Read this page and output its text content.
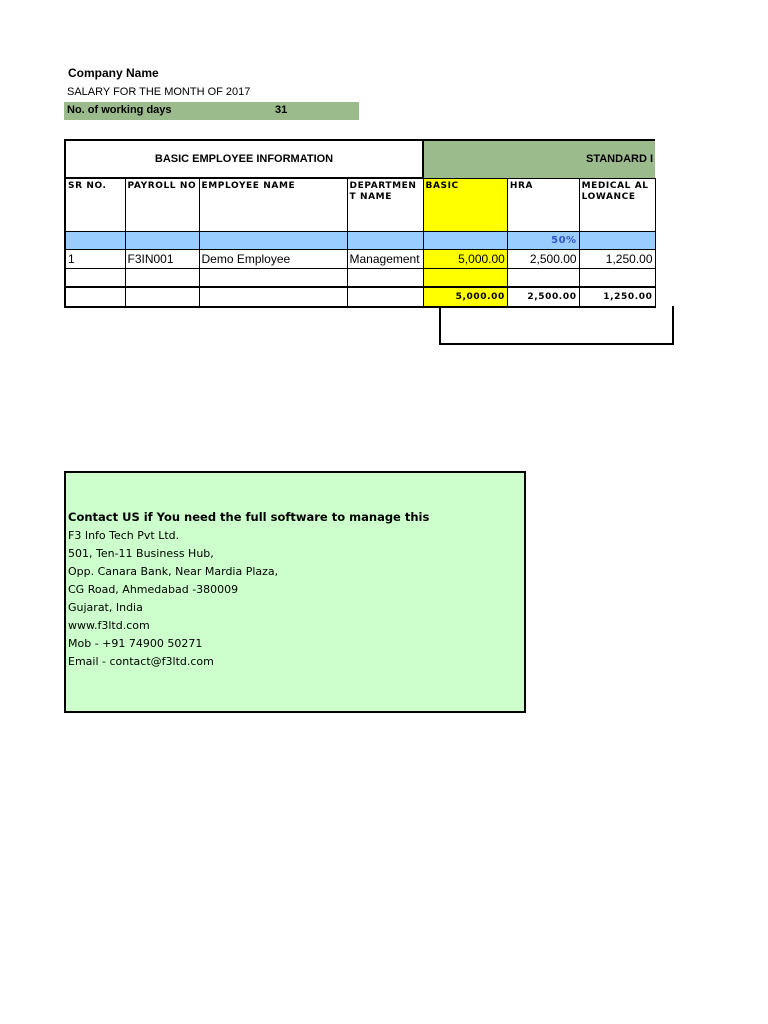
Company Name
SALARY FOR THE MONTH OF 2017
No. of working days	31
BASIC EMPLOYEE INFORMATION				STANDARD I		
SR NO.	PAYROLL NO	EMPLOYEE NAME	DEPARTMENT NAME	BASIC	HRA	MEDICAL ALLOWANCE
					50%	
1	F3IN001	Demo Employee	Management	5,000.00	2,500.00	1,250.00

				5,000.00	2,500.00	1,250.00
Contact US if You need the full software to manage this
F3 Info Tech Pvt Ltd.
501, Ten-11 Business Hub,
Opp. Canara Bank, Near Mardia Plaza,
CG Road, Ahmedabad -380009
Gujarat, India
www.f3ltd.com
Mob - +91 74900 50271
Email - contact@f3ltd.com
